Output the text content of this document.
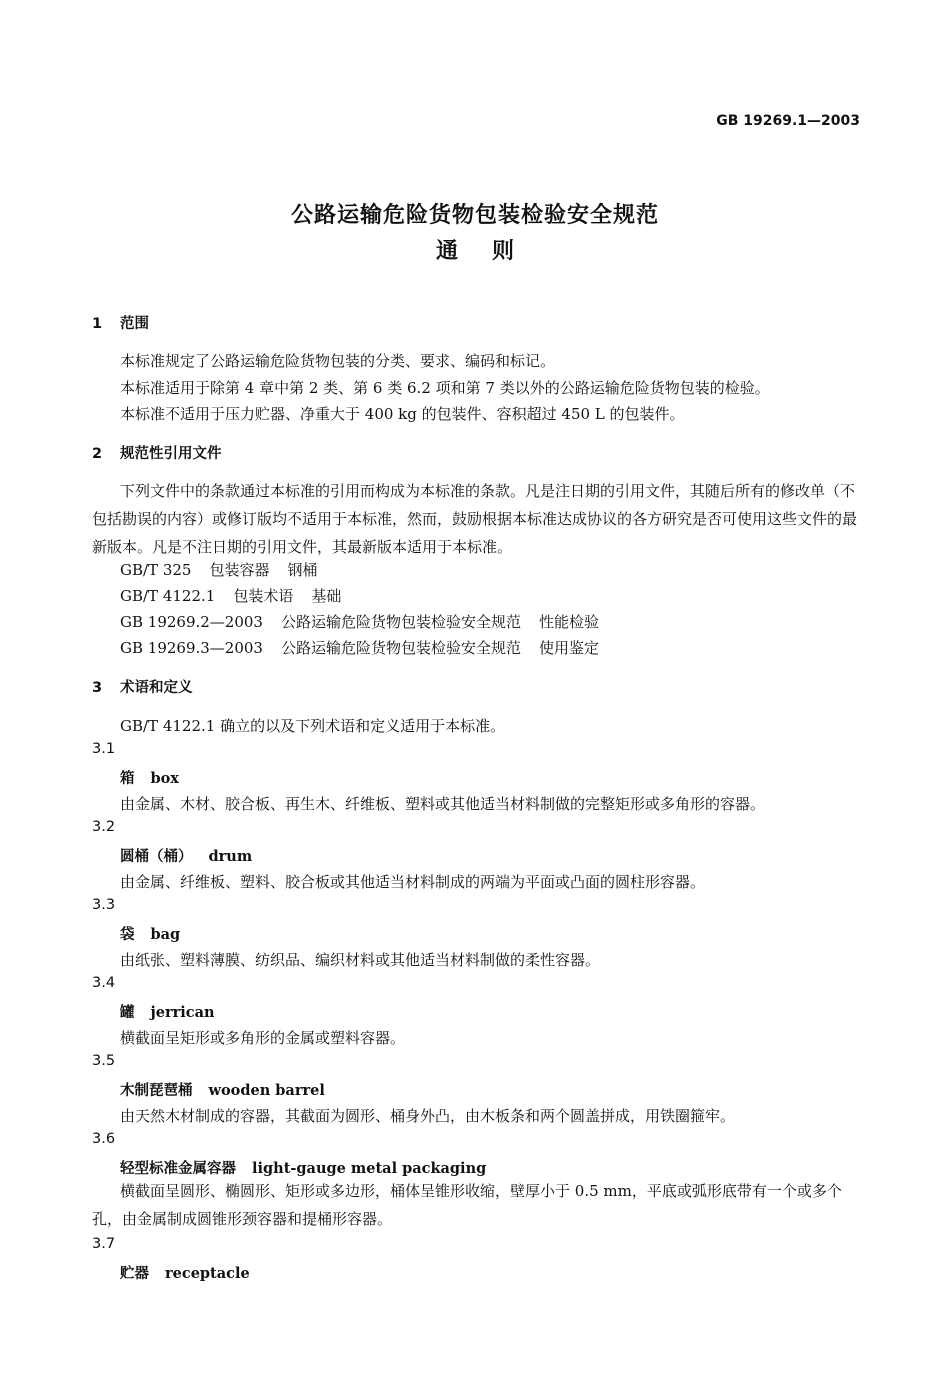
GB 19269.1—2003
公路运输危险货物包装检验安全规范
通则
1 范围
本标准规定了公路运输危险货物包装的分类、要求、编码和标记。
本标准适用于除第 4 章中第 2 类、第 6 类 6.2 项和第 7 类以外的公路运输危险货物包装的检验。
本标准不适用于压力贮器、净重大于 400 kg 的包装件、容积超过 450 L 的包装件。
2 规范性引用文件
下列文件中的条款通过本标准的引用而构成为本标准的条款。凡是注日期的引用文件，其随后所有的修改单（不包括勘误的内容）或修订版均不适用于本标准，然而，鼓励根据本标准达成协议的各方研究是否可使用这些文件的最新版本。凡是不注日期的引用文件，其最新版本适用于本标准。
GB/T 325 包装容器 钢桶
GB/T 4122.1 包装术语 基础
GB 19269.2—2003 公路运输危险货物包装检验安全规范 性能检验
GB 19269.3—2003 公路运输危险货物包装检验安全规范 使用鉴定
3 术语和定义
GB/T 4122.1 确立的以及下列术语和定义适用于本标准。
3.1
箱 box
由金属、木材、胶合板、再生木、纤维板、塑料或其他适当材料制做的完整矩形或多角形的容器。
3.2
圆桶（桶） drum
由金属、纤维板、塑料、胶合板或其他适当材料制成的两端为平面或凸面的圆柱形容器。
3.3
袋 bag
由纸张、塑料薄膜、纺织品、编织材料或其他适当材料制做的柔性容器。
3.4
罐 jerrican
横截面呈矩形或多角形的金属或塑料容器。
3.5
木制琵琶桶 wooden barrel
由天然木材制成的容器，其截面为圆形、桶身外凸，由木板条和两个圆盖拼成，用铁圈箍牢。
3.6
轻型标准金属容器 light-gauge metal packaging
横截面呈圆形、椭圆形、矩形或多边形，桶体呈锥形收缩，壁厚小于 0.5 mm，平底或弧形底带有一个或多个孔，由金属制成圆锥形颈容器和提桶形容器。
3.7
贮器 receptacle
